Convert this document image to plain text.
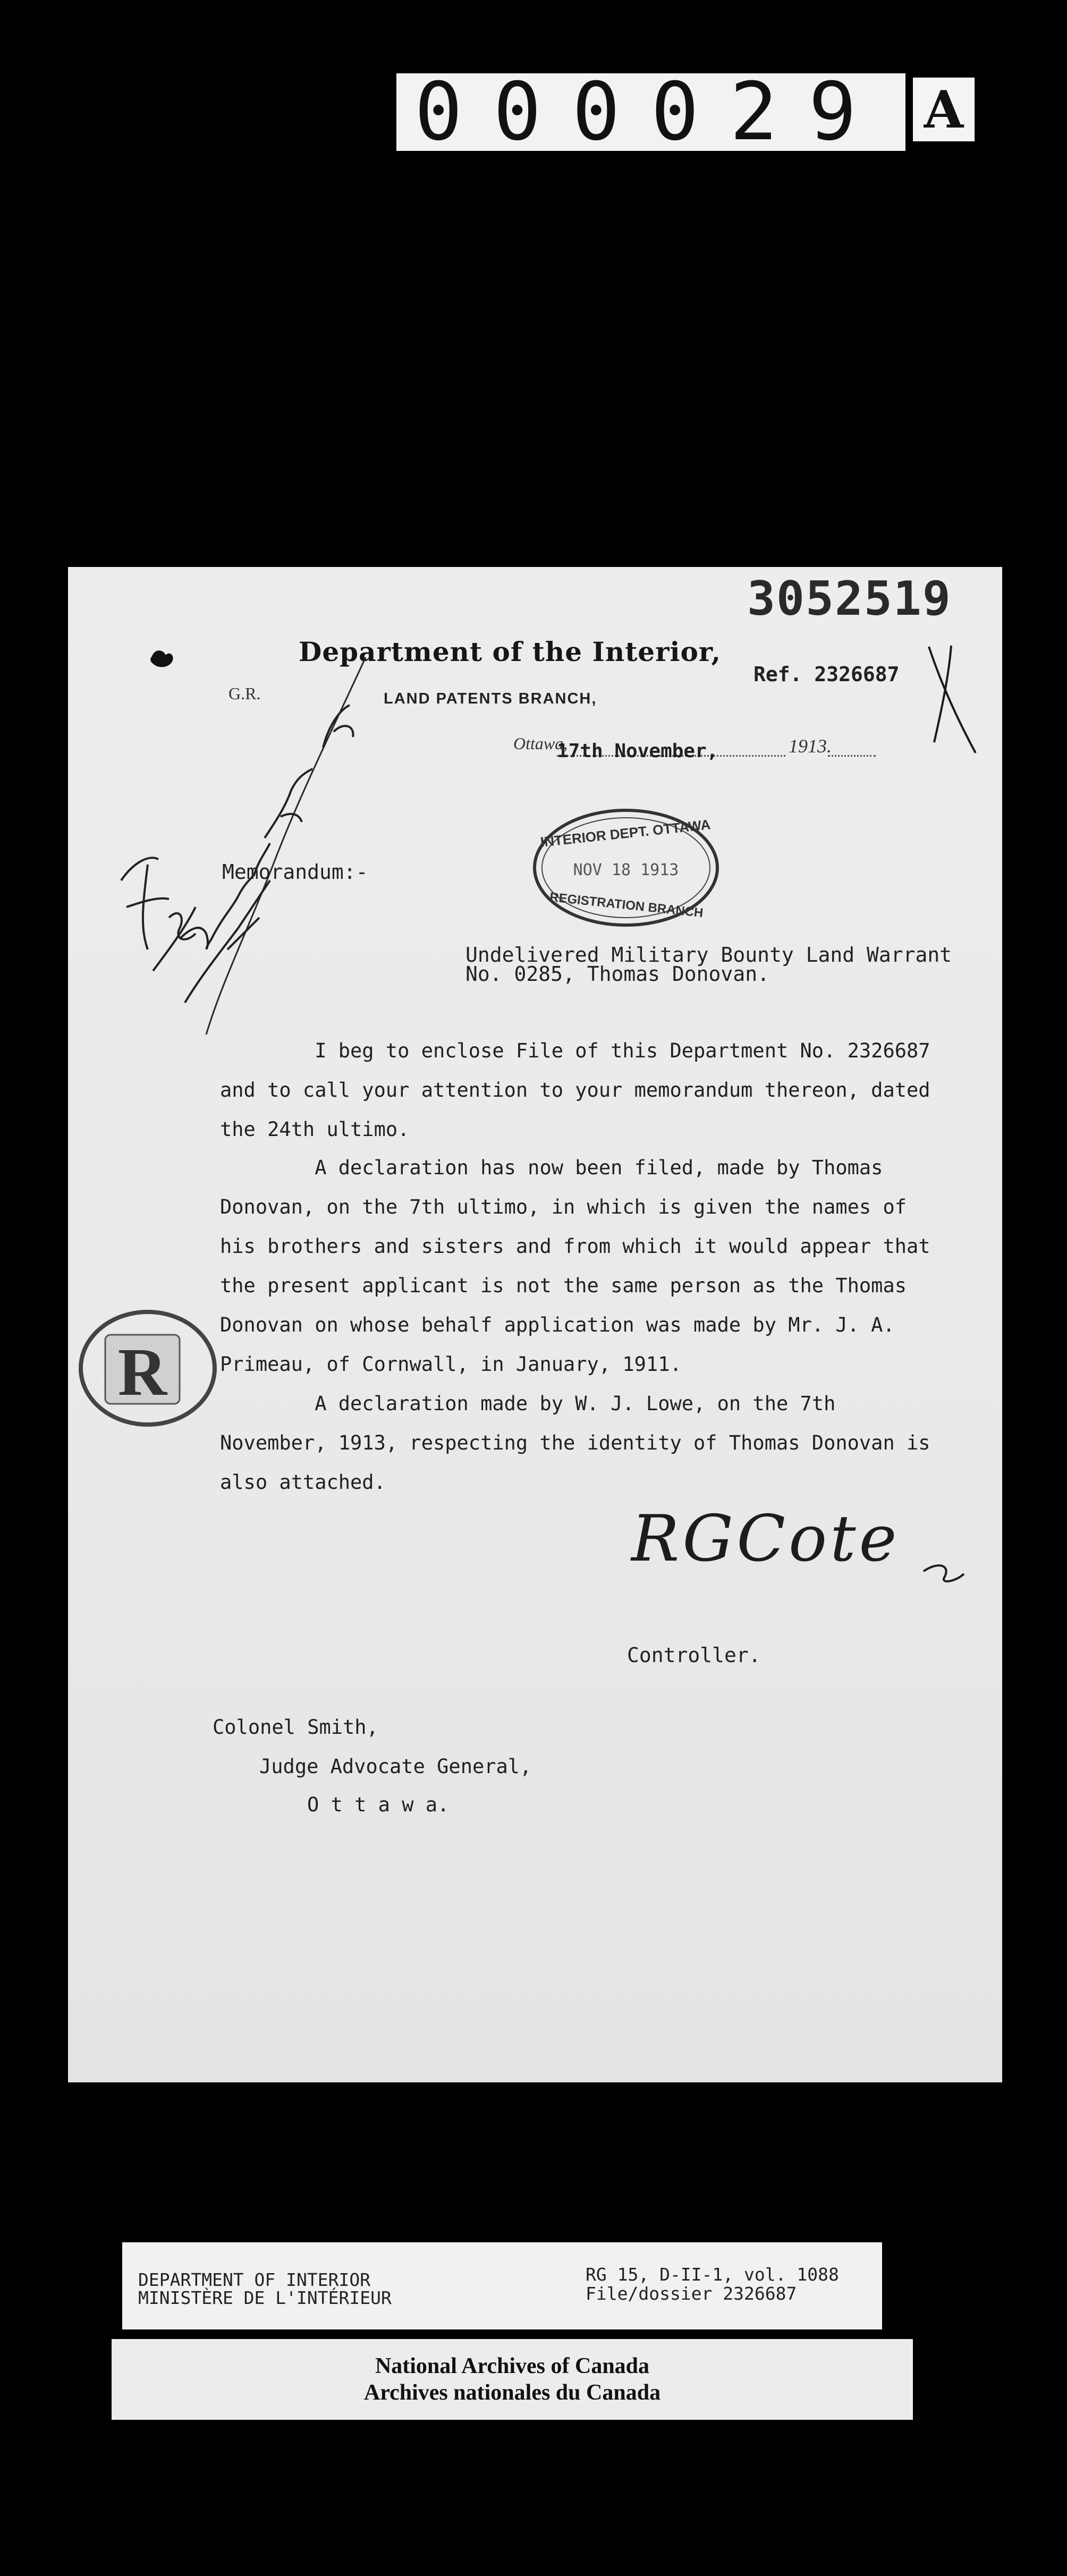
000029 A
3052519
G.R.
Department of the Interior,
LAND PATENTS BRANCH,
Ref. 2326687
Ottawa,
17th November,	1913.
Memorandum:-
INTERIOR DEPT. OTTAWA
NOV 18 1913
REGISTRATION BRANCH
Undelivered Military Bounty Land Warrant
No. 0285, Thomas Donovan.
I beg to enclose File of this Department No. 2326687
and to call your attention to your memorandum thereon, dated
the 24th ultimo.
A declaration has now been filed, made by Thomas
Donovan, on the 7th ultimo, in which is given the names of
his brothers and sisters and from which it would appear that
the present applicant is not the same person as the Thomas
Donovan on whose behalf application was made by Mr. J. A.
Primeau, of Cornwall, in January, 1911.
A declaration made by W. J. Lowe, on the 7th
November, 1913, respecting the identity of Thomas Donovan is
also attached.
R
RGCote
Controller.
Colonel Smith,
Judge Advocate General,
O t t a w a.
DEPARTMENT OF INTERIOR
MINISTÈRE DE L'INTÉRIEUR
RG 15, D-II-1, vol. 1088
File/dossier 2326687
National Archives of Canada
Archives nationales du Canada
